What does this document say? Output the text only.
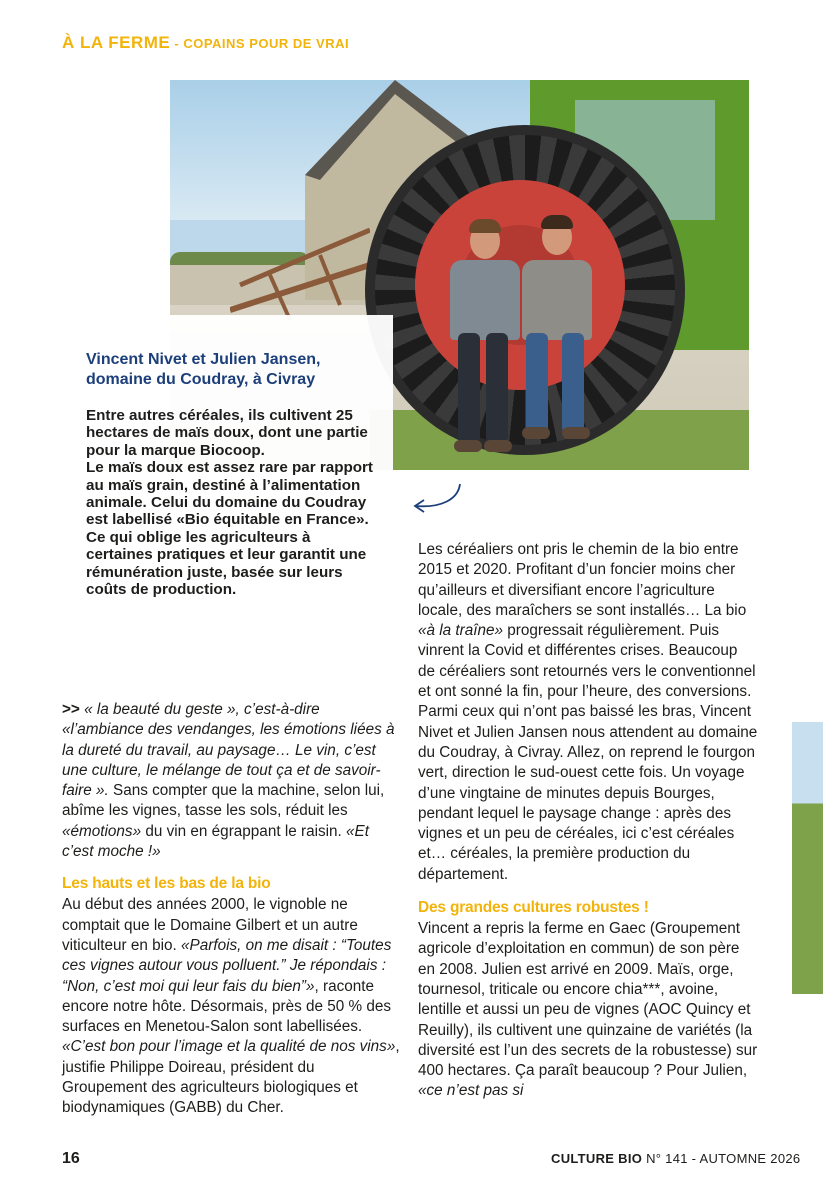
À LA FERME - COPAINS POUR DE VRAI
Vincent Nivet et Julien Jansen, domaine du Coudray, à Civray

Entre autres céréales, ils cultivent 25 hectares de maïs doux, dont une partie pour la marque Biocoop.

Le maïs doux est assez rare par rapport au maïs grain, destiné à l’alimentation animale. Celui du domaine du Coudray est labellisé «Bio équitable en France». Ce qui oblige les agriculteurs à certaines pratiques et leur garantit une rémunération juste, basée sur leurs coûts de production.

>> « la beauté du geste », c’est-à-dire «l’ambiance des vendanges, les émotions liées à la dureté du travail, au paysage… Le vin, c’est une culture, le mélange de tout ça et de savoir-faire ». Sans compter que la machine, selon lui, abîme les vignes, tasse les sols, réduit les «émotions» du vin en égrappant le raisin. «Et c’est moche !»

Les hauts et les bas de la bio

Au début des années 2000, le vignoble ne comptait que le Domaine Gilbert et un autre viticulteur en bio. «Parfois, on me disait : “Toutes ces vignes autour vous polluent.” Je répondais : “Non, c’est moi qui leur fais du bien”», raconte encore notre hôte. Désormais, près de 50 % des surfaces en Menetou-Salon sont labellisées. «C’est bon pour l’image et la qualité de nos vins», justifie Philippe Doireau, président du Groupement des agriculteurs biologiques et biodynamiques (GABB) du Cher.

Les céréaliers ont pris le chemin de la bio entre 2015 et 2020. Profitant d’un foncier moins cher qu’ailleurs et diversifiant encore l’agriculture locale, des maraîchers se sont installés… La bio «à la traîne» progressait régulièrement. Puis vinrent la Covid et différentes crises. Beaucoup de céréaliers sont retournés vers le conventionnel et ont sonné la fin, pour l’heure, des conversions. Parmi ceux qui n’ont pas baissé les bras, Vincent Nivet et Julien Jansen nous attendent au domaine du Coudray, à Civray. Allez, on reprend le fourgon vert, direction le sud-ouest cette fois. Un voyage d’une vingtaine de minutes depuis Bourges, pendant lequel le paysage change : après des vignes et un peu de céréales, ici c’est céréales et… céréales, la première production du département.

Des grandes cultures robustes !

Vincent a repris la ferme en Gaec (Groupement agricole d’exploitation en commun) de son père en 2008. Julien est arrivé en 2009. Maïs, orge, tournesol, triticale ou encore chia***, avoine, lentille et aussi un peu de vignes (AOC Quincy et Reuilly), ils cultivent une quinzaine de variétés (la diversité est l’un des secrets de la robustesse) sur 400 hectares. Ça paraît beaucoup ? Pour Julien, «ce n’est pas si

16	CULTURE BIO N° 141 - AUTOMNE 2026
